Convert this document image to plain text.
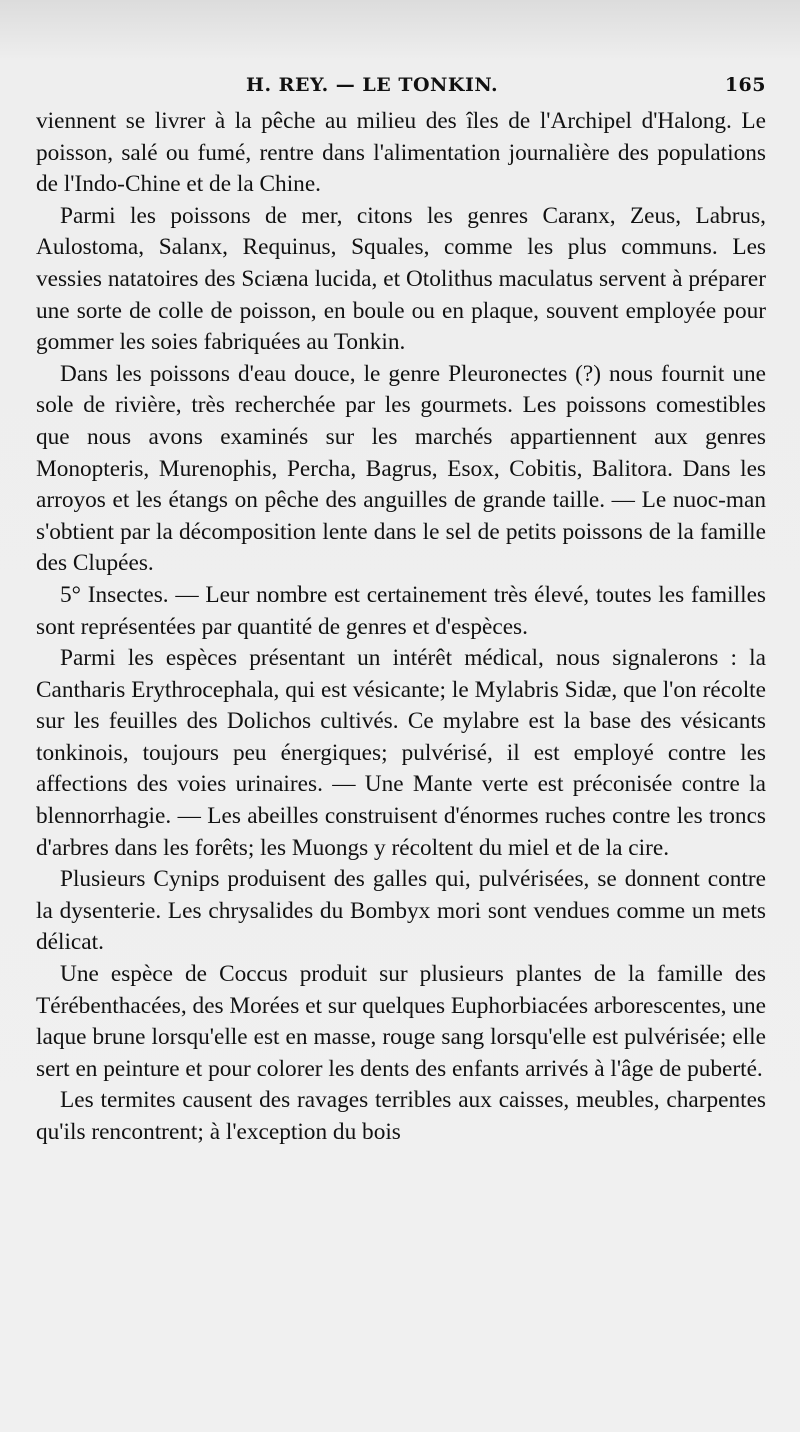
H. REY. — LE TONKIN.	165

viennent se livrer à la pêche au milieu des îles de l'Archipel d'Halong. Le poisson, salé ou fumé, rentre dans l'alimentation journalière des populations de l'Indo-Chine et de la Chine.

Parmi les poissons de mer, citons les genres Caranx, Zeus, Labrus, Aulostoma, Salanx, Requinus, Squales, comme les plus communs. Les vessies natatoires des Sciæna lucida, et Otolithus maculatus servent à préparer une sorte de colle de poisson, en boule ou en plaque, souvent employée pour gommer les soies fabriquées au Tonkin.

Dans les poissons d'eau douce, le genre Pleuronectes (?) nous fournit une sole de rivière, très recherchée par les gourmets. Les poissons comestibles que nous avons examinés sur les marchés appartiennent aux genres Monopteris, Murenophis, Percha, Bagrus, Esox, Cobitis, Balitora. Dans les arroyos et les étangs on pêche des anguilles de grande taille. — Le nuoc-man s'obtient par la décomposition lente dans le sel de petits poissons de la famille des Clupées.

5° Insectes. — Leur nombre est certainement très élevé, toutes les familles sont représentées par quantité de genres et d'espèces.

Parmi les espèces présentant un intérêt médical, nous signalerons : la Cantharis Erythrocephala, qui est vésicante; le Mylabris Sidæ, que l'on récolte sur les feuilles des Dolichos cultivés. Ce mylabre est la base des vésicants tonkinois, toujours peu énergiques; pulvérisé, il est employé contre les affections des voies urinaires. — Une Mante verte est préconisée contre la blennorrhagie. — Les abeilles construisent d'énormes ruches contre les troncs d'arbres dans les forêts; les Muongs y récoltent du miel et de la cire.

Plusieurs Cynips produisent des galles qui, pulvérisées, se donnent contre la dysenterie. Les chrysalides du Bombyx mori sont vendues comme un mets délicat.

Une espèce de Coccus produit sur plusieurs plantes de la famille des Térébenthacées, des Morées et sur quelques Euphorbiacées arborescentes, une laque brune lorsqu'elle est en masse, rouge sang lorsqu'elle est pulvérisée; elle sert en peinture et pour colorer les dents des enfants arrivés à l'âge de puberté.

Les termites causent des ravages terribles aux caisses, meubles, charpentes qu'ils rencontrent; à l'exception du bois
